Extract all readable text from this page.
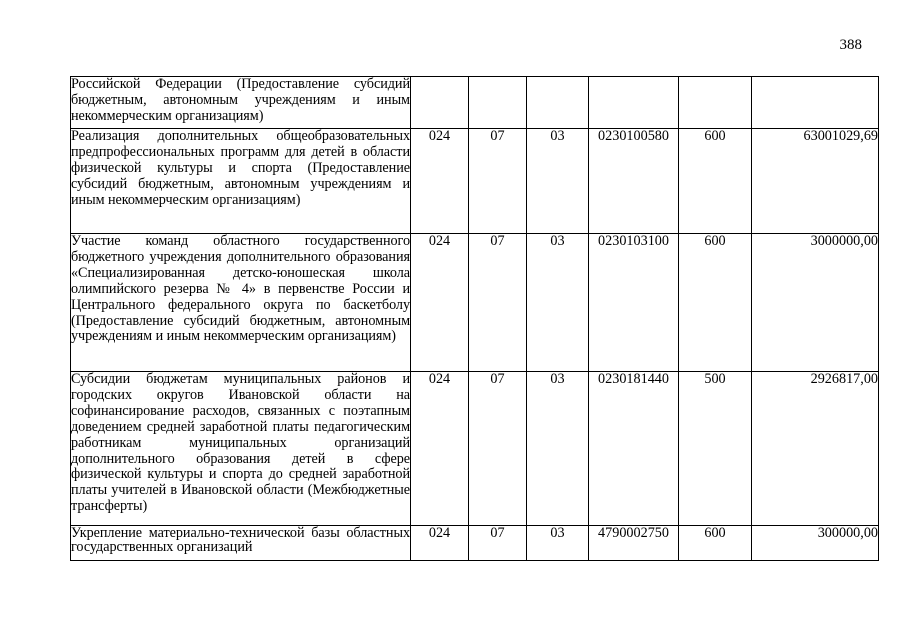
388
Российской Федерации (Предоставление субсидий бюджетным, автономным учреждениям и иным некоммерческим организациям)						
Реализация дополнительных общеобразовательных предпрофессиональных программ для детей в области физической культуры и спорта (Предоставление субсидий бюджетным, автономным учреждениям и иным некоммерческим организациям)	024	07	03	0230100580	600	63001029,69
Участие команд областного государственного бюджетного учреждения дополнительного образования «Специализированная детско-юношеская школа олимпийского резерва № 4» в первенстве России и Центрального федерального округа по баскетболу (Предоставление субсидий бюджетным, автономным учреждениям и иным некоммерческим организациям)	024	07	03	0230103100	600	3000000,00
Субсидии бюджетам муниципальных районов и городских округов Ивановской области на софинансирование расходов, связанных с поэтапным доведением средней заработной платы педагогическим работникам муниципальных организаций дополнительного образования детей в сфере физической культуры и спорта до средней заработной платы учителей в Ивановской области (Межбюджетные трансферты)	024	07	03	0230181440	500	2926817,00
Укрепление материально-технической базы областных государственных организаций	024	07	03	4790002750	600	300000,00
